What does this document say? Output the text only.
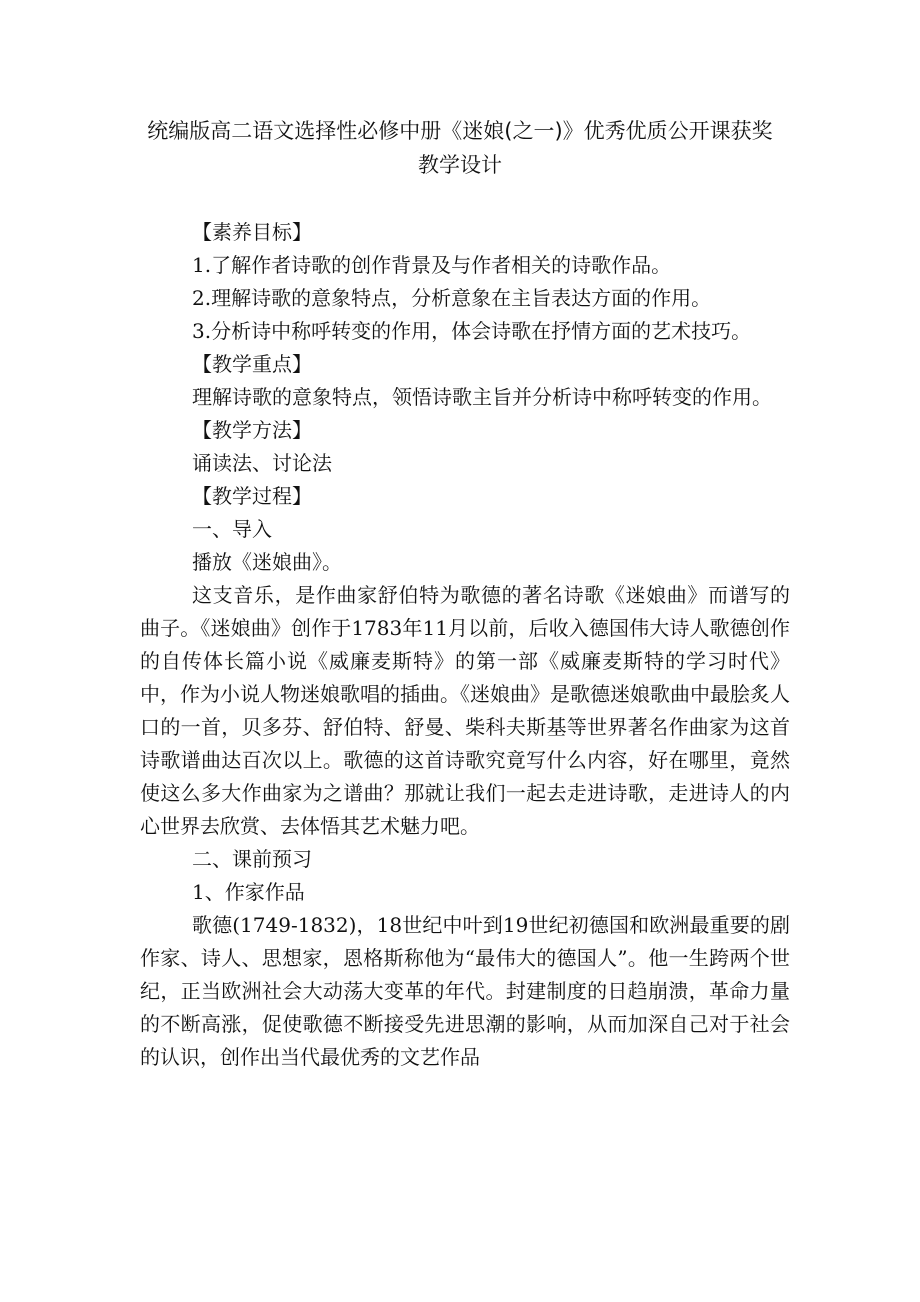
统编版高二语文选择性必修中册《迷娘(之一)》优秀优质公开课获奖
教学设计

【素养目标】

1.了解作者诗歌的创作背景及与作者相关的诗歌作品。

2.理解诗歌的意象特点，分析意象在主旨表达方面的作用。

3.分析诗中称呼转变的作用，体会诗歌在抒情方面的艺术技巧。

【教学重点】

理解诗歌的意象特点，领悟诗歌主旨并分析诗中称呼转变的作用。

【教学方法】

诵读法、讨论法

【教学过程】

一、导入

播放《迷娘曲》。

这支音乐，是作曲家舒伯特为歌德的著名诗歌《迷娘曲》而谱写的曲子。《迷娘曲》创作于1783年11月以前，后收入德国伟大诗人歌德创作的自传体长篇小说《威廉麦斯特》的第一部《威廉麦斯特的学习时代》中，作为小说人物迷娘歌唱的插曲。《迷娘曲》是歌德迷娘歌曲中最脍炙人口的一首，贝多芬、舒伯特、舒曼、柴科夫斯基等世界著名作曲家为这首诗歌谱曲达百次以上。歌德的这首诗歌究竟写什么内容，好在哪里，竟然使这么多大作曲家为之谱曲？那就让我们一起去走进诗歌，走进诗人的内心世界去欣赏、去体悟其艺术魅力吧。

二、课前预习

1、作家作品

歌德(1749-1832)，18世纪中叶到19世纪初德国和欧洲最重要的剧作家、诗人、思想家，恩格斯称他为“最伟大的德国人”。他一生跨两个世纪，正当欧洲社会大动荡大变革的年代。封建制度的日趋崩溃，革命力量的不断高涨，促使歌德不断接受先进思潮的影响，从而加深自己对于社会的认识，创作出当代最优秀的文艺作品
